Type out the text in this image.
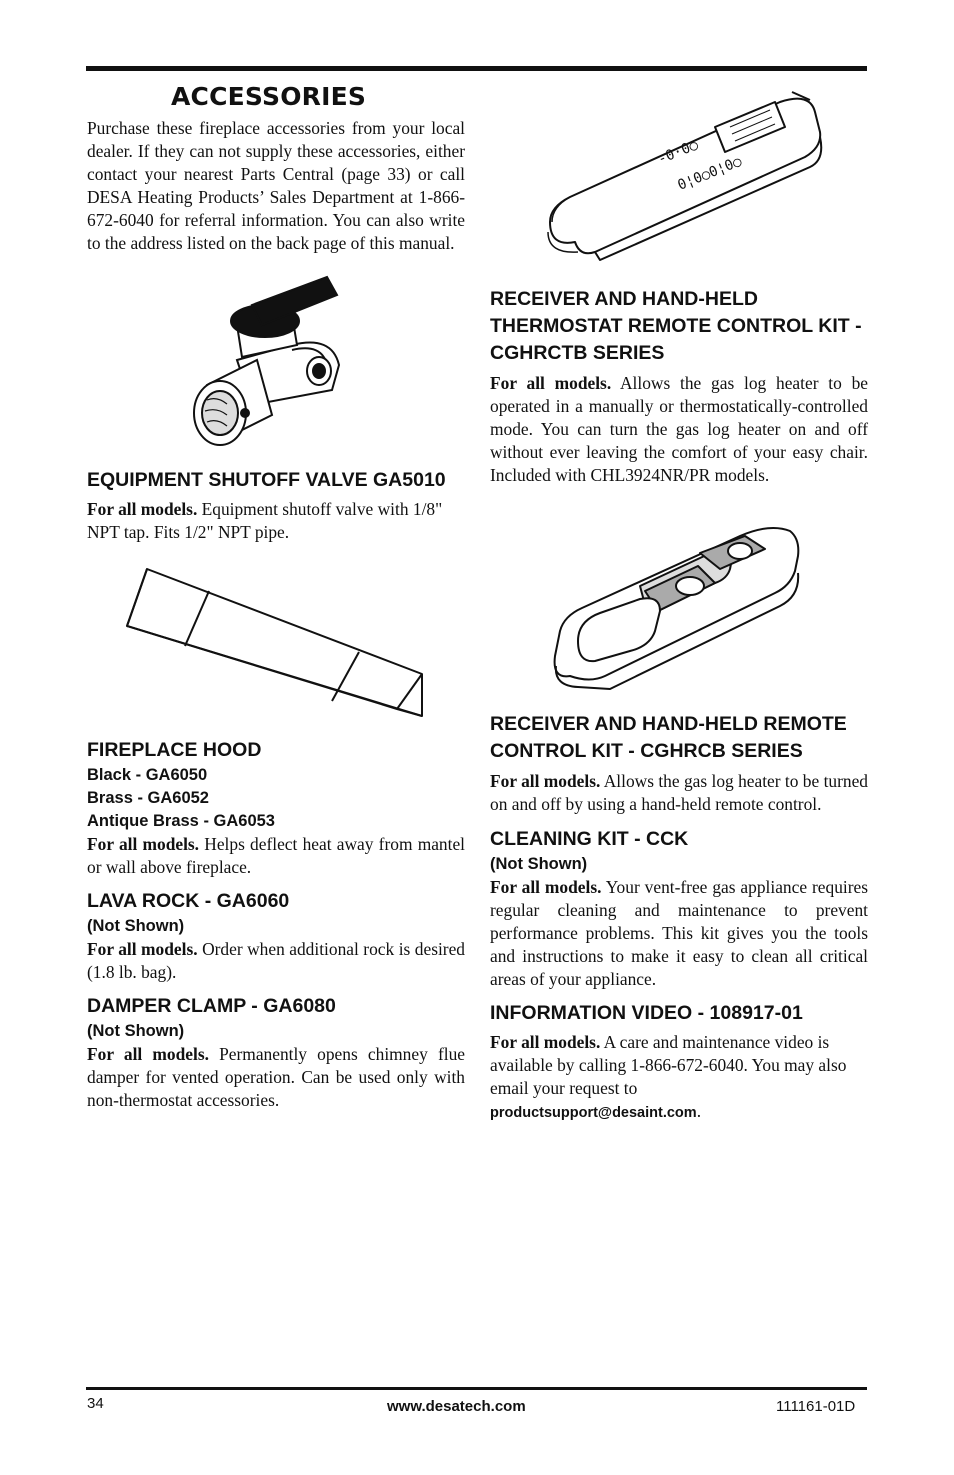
ACCESSORIES

Purchase these fireplace accessories from your local dealer. If they can not supply these accessories, either contact your nearest Parts Central (page 33) or call DESA Heating Products’ Sales Department at 1-866-672-6040 for referral information. You can also write to the address listed on the back page of this manual.

EQUIPMENT SHUTOFF VALVE GA5010

For all models. Equipment shutoff valve with 1/8" NPT tap. Fits 1/2" NPT pipe.

FIREPLACE HOOD
Black - GA6050
Brass - GA6052
Antique Brass - GA6053

For all models. Helps deflect heat away from mantel or wall above fireplace.

LAVA ROCK - GA6060
(Not Shown)

For all models. Order when additional rock is desired (1.8 lb. bag).

DAMPER CLAMP - GA6080
(Not Shown)

For all models. Permanently opens chimney flue damper for vented operation. Can be used only with non-thermostat accessories.

-0·0○
0¦0○0¦0○
RECEIVER AND HAND-HELD THERMOSTAT REMOTE CONTROL KIT - CGHRCTB SERIES

For all models. Allows the gas log heater to be operated in a manually or thermostatically-controlled mode. You can turn the gas log heater on and off without ever leaving the comfort of your easy chair. Included with CHL3924NR/PR models.

RECEIVER AND HAND-HELD REMOTE CONTROL KIT - CGHRCB SERIES

For all models. Allows the gas log heater to be turned on and off by using a hand-held remote control.

CLEANING KIT - CCK
(Not Shown)

For all models. Your vent-free gas appliance requires regular cleaning and maintenance to prevent performance problems. This kit gives you the tools and instructions to make it easy to clean all critical areas of your appliance.

INFORMATION VIDEO - 108917-01

For all models. A care and maintenance video is available by calling 1-866-672-6040. You may also email your request to
productsupport@desaint.com.

34	www.desatech.com	111161-01D
